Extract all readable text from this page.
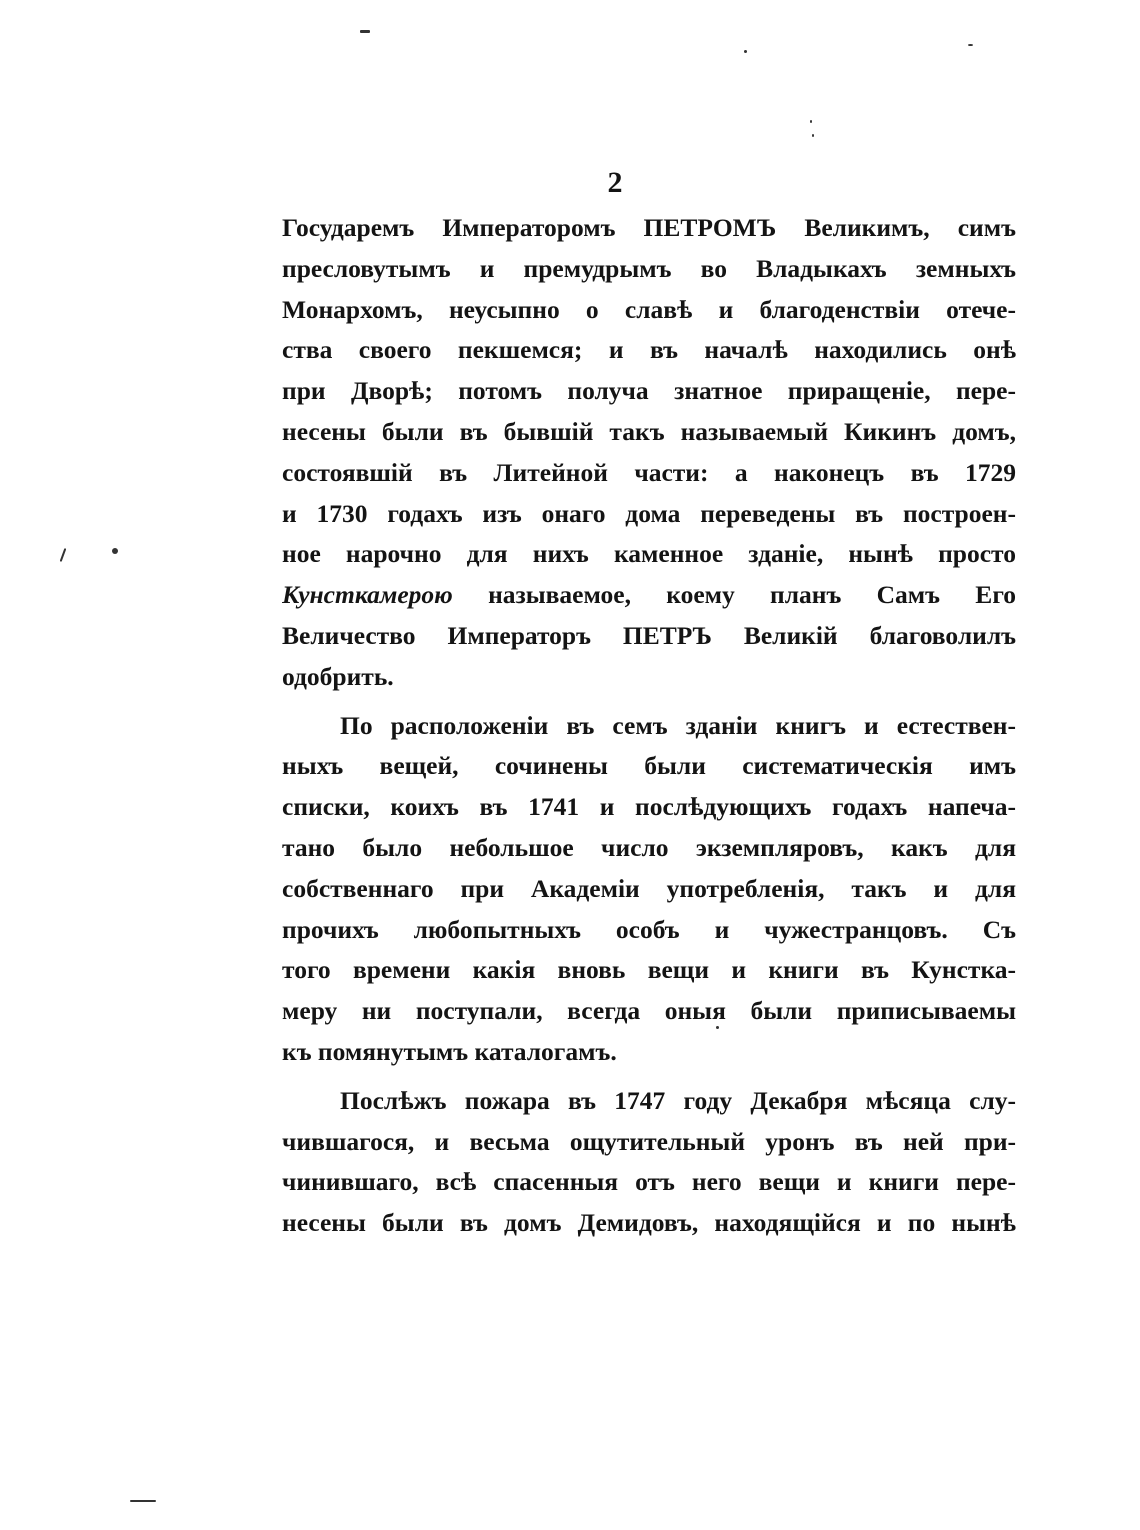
2
Государемъ Императоромъ ПЕТРОМЪ Великимъ, симъ
пресловутымъ и премудрымъ во Владыкахъ земныхъ
Монархомъ, неусыпно о славѣ и благоденствіи отече-
ства своего пекшемся; и въ началѣ находились онѣ
при Дворѣ; потомъ получа знатное приращеніе, пере-
несены были въ бывшій такъ называемый Кикинъ домъ,
состоявшій въ Литейной части: а наконецъ въ 1729
и 1730 годахъ изъ онаго дома переведены въ построен-
ное нарочно для нихъ каменное зданіе, нынѣ просто
Кунсткамерою называемое, коему планъ Самъ Его
Величество Императоръ ПЕТРЪ Великій благоволилъ
одобрить.
По расположеніи въ семъ зданіи книгъ и естествен-
ныхъ вещей, сочинены были систематическія имъ
списки, коихъ въ 1741 и послѣдующихъ годахъ напеча-
тано было небольшое число экземпляровъ, какъ для
собственнаго при Академіи употребленія, такъ и для
прочихъ любопытныхъ особъ и чужестранцовъ. Съ
того времени какія вновь вещи и книги въ Кунстка-
меру ни поступали, всегда оныя были приписываемы
къ помянутымъ каталогамъ.
Послѣжъ пожара въ 1747 году Декабря мѣсяца слу-
чившагося, и весьма ощутительный уронъ въ ней при-
чинившаго, всѣ спасенныя отъ него вещи и книги пере-
несены были въ домъ Демидовъ, находящійся и по нынѣ
